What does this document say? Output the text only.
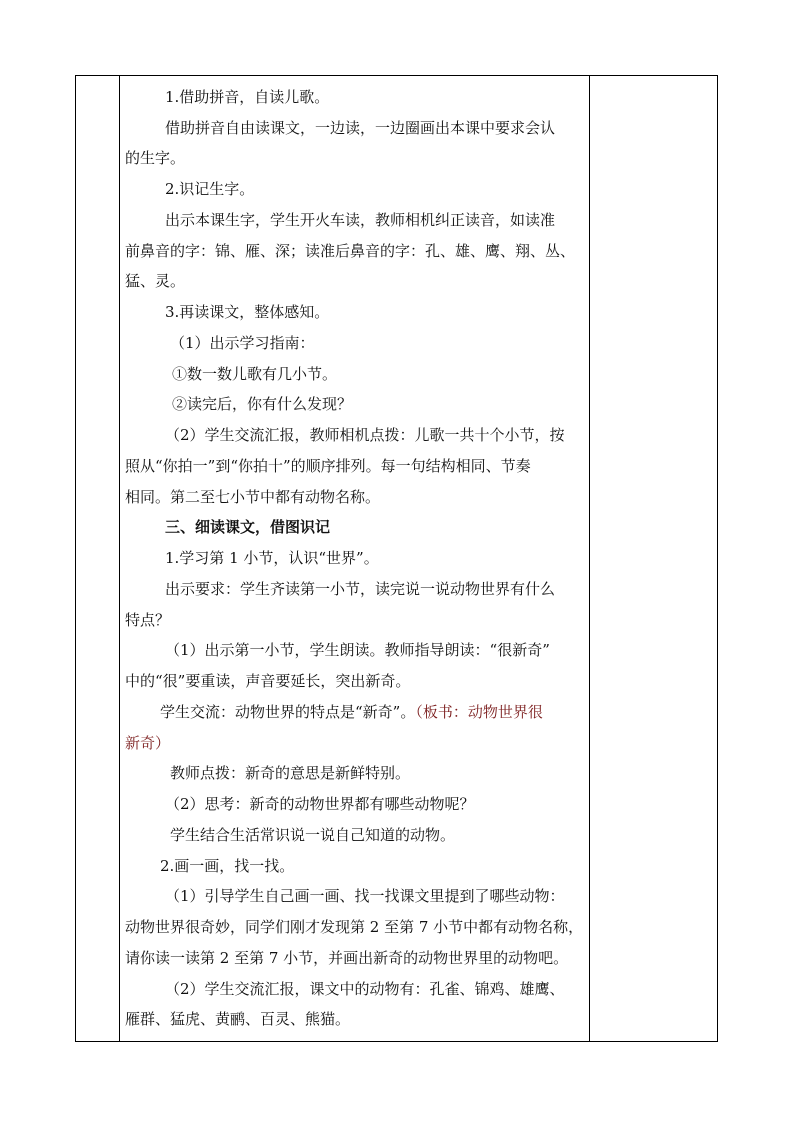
1.借助拼音，自读儿歌。
借助拼音自由读课文，一边读，一边圈画出本课中要求会认
的生字。
2.识记生字。
出示本课生字，学生开火车读，教师相机纠正读音，如读准
前鼻音的字：锦、雁、深；读准后鼻音的字：孔、雄、鹰、翔、丛、
猛、灵。
3.再读课文，整体感知。
（1）出示学习指南：
①数一数儿歌有几小节。
②读完后，你有什么发现？
（2）学生交流汇报，教师相机点拨：儿歌一共十个小节，按
照从“你拍一”到“你拍十”的顺序排列。每一句结构相同、节奏
相同。第二至七小节中都有动物名称。
三、细读课文，借图识记
1.学习第 1 小节，认识“世界”。
出示要求：学生齐读第一小节，读完说一说动物世界有什么
特点？
（1）出示第一小节，学生朗读。教师指导朗读：“很新奇”
中的“很”要重读，声音要延长，突出新奇。
学生交流：动物世界的特点是“新奇”。（板书：动物世界很
新奇）
教师点拨：新奇的意思是新鲜特别。
（2）思考：新奇的动物世界都有哪些动物呢？
学生结合生活常识说一说自己知道的动物。
2.画一画，找一找。
（1）引导学生自己画一画、找一找课文里提到了哪些动物：
动物世界很奇妙，同学们刚才发现第 2 至第 7 小节中都有动物名称，
请你读一读第 2 至第 7 小节，并画出新奇的动物世界里的动物吧。
（2）学生交流汇报，课文中的动物有：孔雀、锦鸡、雄鹰、
雁群、猛虎、黄鹂、百灵、熊猫。
